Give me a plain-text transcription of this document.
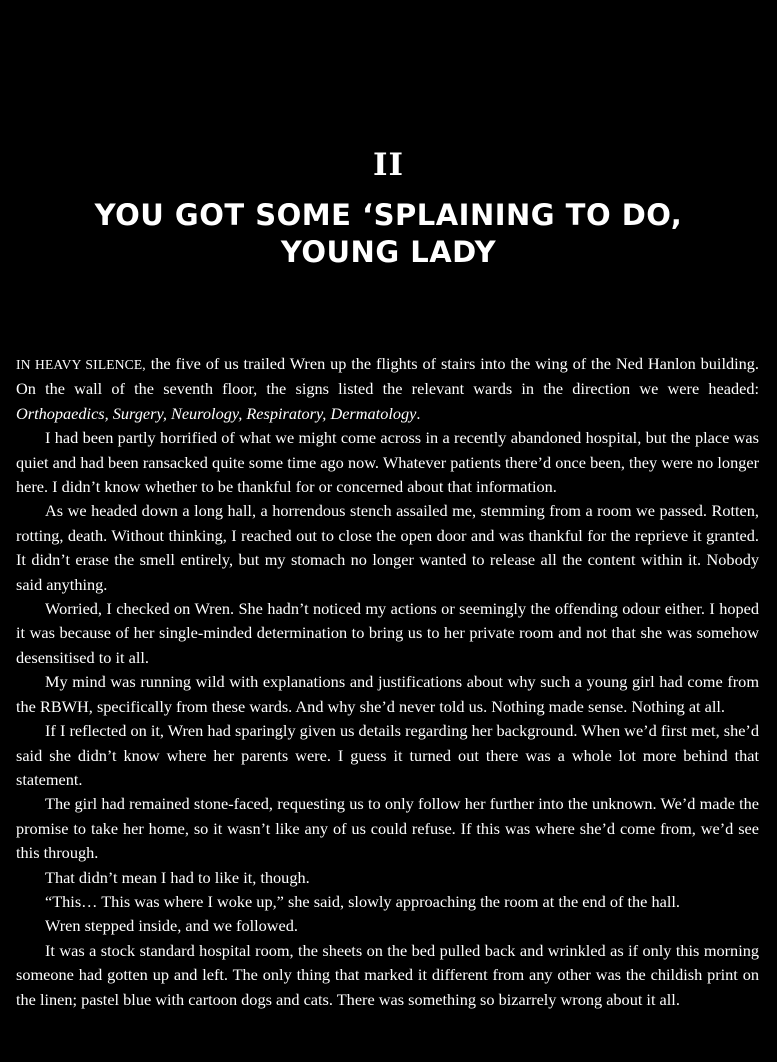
II
YOU GOT SOME ‘SPLAINING TO DO, YOUNG LADY

IN HEAVY SILENCE, the five of us trailed Wren up the flights of stairs into the wing of the Ned Hanlon building. On the wall of the seventh floor, the signs listed the relevant wards in the direction we were headed: Orthopaedics, Surgery, Neurology, Respiratory, Dermatology.

I had been partly horrified of what we might come across in a recently abandoned hospital, but the place was quiet and had been ransacked quite some time ago now. Whatever patients there’d once been, they were no longer here. I didn’t know whether to be thankful for or concerned about that information.

As we headed down a long hall, a horrendous stench assailed me, stemming from a room we passed. Rotten, rotting, death. Without thinking, I reached out to close the open door and was thankful for the reprieve it granted. It didn’t erase the smell entirely, but my stomach no longer wanted to release all the content within it. Nobody said anything.

Worried, I checked on Wren. She hadn’t noticed my actions or seemingly the offending odour either. I hoped it was because of her single-minded determination to bring us to her private room and not that she was somehow desensitised to it all.

My mind was running wild with explanations and justifications about why such a young girl had come from the RBWH, specifically from these wards. And why she’d never told us. Nothing made sense. Nothing at all.

If I reflected on it, Wren had sparingly given us details regarding her background. When we’d first met, she’d said she didn’t know where her parents were. I guess it turned out there was a whole lot more behind that statement.

The girl had remained stone-faced, requesting us to only follow her further into the unknown. We’d made the promise to take her home, so it wasn’t like any of us could refuse. If this was where she’d come from, we’d see this through.

That didn’t mean I had to like it, though.

“This… This was where I woke up,” she said, slowly approaching the room at the end of the hall.

Wren stepped inside, and we followed.

It was a stock standard hospital room, the sheets on the bed pulled back and wrinkled as if only this morning someone had gotten up and left. The only thing that marked it different from any other was the childish print on the linen; pastel blue with cartoon dogs and cats. There was something so bizarrely wrong about it all.
